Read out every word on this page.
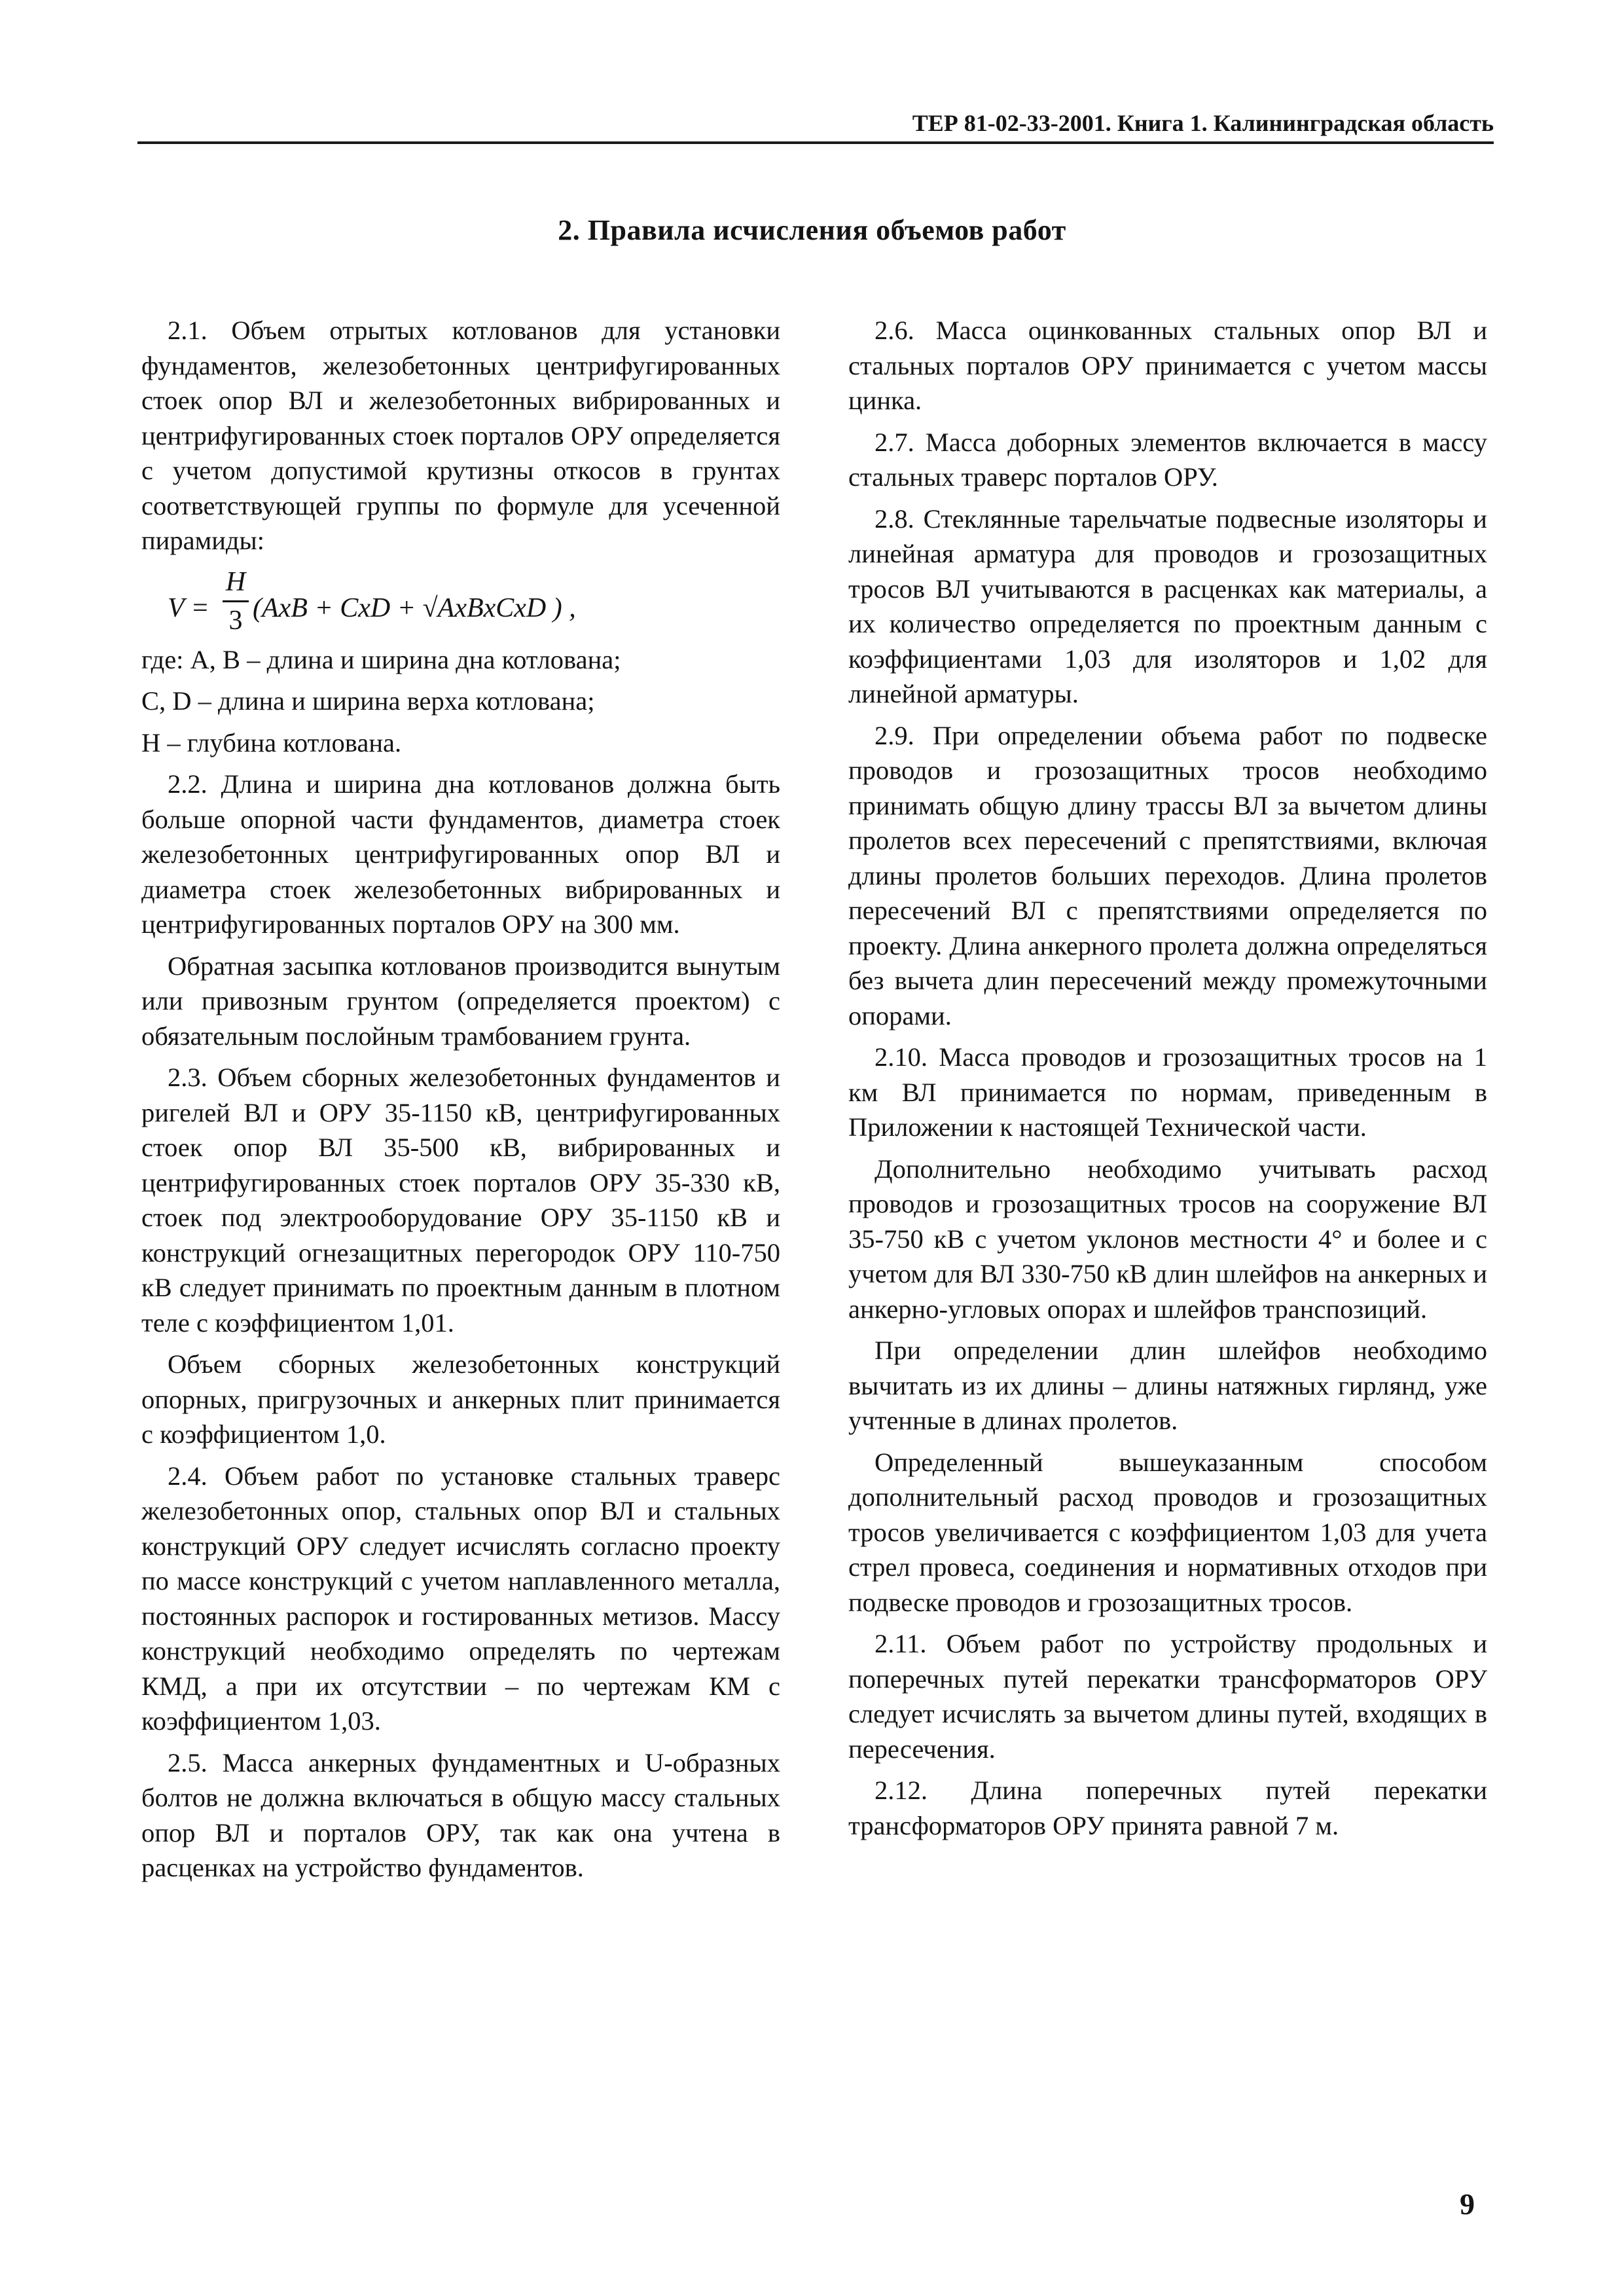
ТЕР 81-02-33-2001. Книга 1. Калининградская область
2. Правила исчисления объемов работ

2.1. Объем отрытых котлованов для установки фундаментов, железобетонных центрифугированных стоек опор ВЛ и железобетонных вибрированных и центрифугированных стоек порталов ОРУ определяется с учетом допустимой крутизны откосов в грунтах соответствующей группы по формуле для усеченной пирамиды:

V =
H
3 (AxB + CxD + √AxBxCxD ) ,

где: А, В – длина и ширина дна котлована;

С, D – длина и ширина верха котлована;

Н – глубина котлована.

2.2. Длина и ширина дна котлованов должна быть больше опорной части фундаментов, диаметра стоек железобетонных центрифугированных опор ВЛ и диаметра стоек железобетонных вибрированных и центрифугированных порталов ОРУ на 300 мм.

Обратная засыпка котлованов производится вынутым или привозным грунтом (определяется проектом) с обязательным послойным трамбованием грунта.

2.3. Объем сборных железобетонных фундаментов и ригелей ВЛ и ОРУ 35-1150 кВ, центрифугированных стоек опор ВЛ 35-500 кВ, вибрированных и центрифугированных стоек порталов ОРУ 35-330 кВ, стоек под электрооборудование ОРУ 35-1150 кВ и конструкций огнезащитных перегородок ОРУ 110-750 кВ следует принимать по проектным данным в плотном теле с коэффициентом 1,01.

Объем сборных железобетонных конструкций опорных, пригрузочных и анкерных плит принимается с коэффициентом 1,0.

2.4. Объем работ по установке стальных траверс железобетонных опор, стальных опор ВЛ и стальных конструкций ОРУ следует исчислять согласно проекту по массе конструкций с учетом наплавленного металла, постоянных распорок и гостированных метизов. Массу конструкций необходимо определять по чертежам КМД, а при их отсутствии – по чертежам КМ с коэффициентом 1,03.

2.5. Масса анкерных фундаментных и U-образных болтов не должна включаться в общую массу стальных опор ВЛ и порталов ОРУ, так как она учтена в расценках на устройство фундаментов.

2.6. Масса оцинкованных стальных опор ВЛ и стальных порталов ОРУ принимается с учетом массы цинка.

2.7. Масса доборных элементов включается в массу стальных траверс порталов ОРУ.

2.8. Стеклянные тарельчатые подвесные изоляторы и линейная арматура для проводов и грозозащитных тросов ВЛ учитываются в расценках как материалы, а их количество определяется по проектным данным с коэффициентами 1,03 для изоляторов и 1,02 для линейной арматуры.

2.9. При определении объема работ по подвеске проводов и грозозащитных тросов необходимо принимать общую длину трассы ВЛ за вычетом длины пролетов всех пересечений с препятствиями, включая длины пролетов больших переходов. Длина пролетов пересечений ВЛ с препятствиями определяется по проекту. Длина анкерного пролета должна определяться без вычета длин пересечений между промежуточными опорами.

2.10. Масса проводов и грозозащитных тросов на 1 км ВЛ принимается по нормам, приведенным в Приложении к настоящей Технической части.

Дополнительно необходимо учитывать расход проводов и грозозащитных тросов на сооружение ВЛ 35-750 кВ с учетом уклонов местности 4° и более и с учетом для ВЛ 330-750 кВ длин шлейфов на анкерных и анкерно-угловых опорах и шлейфов транспозиций.

При определении длин шлейфов необходимо вычитать из их длины – длины натяжных гирлянд, уже учтенные в длинах пролетов.

Определенный вышеуказанным способом дополнительный расход проводов и грозозащитных тросов увеличивается с коэффициентом 1,03 для учета стрел провеса, соединения и нормативных отходов при подвеске проводов и грозозащитных тросов.

2.11. Объем работ по устройству продольных и поперечных путей перекатки трансформаторов ОРУ следует исчислять за вычетом длины путей, входящих в пересечения.

2.12. Длина поперечных путей перекатки трансформаторов ОРУ принята равной 7 м.

9
